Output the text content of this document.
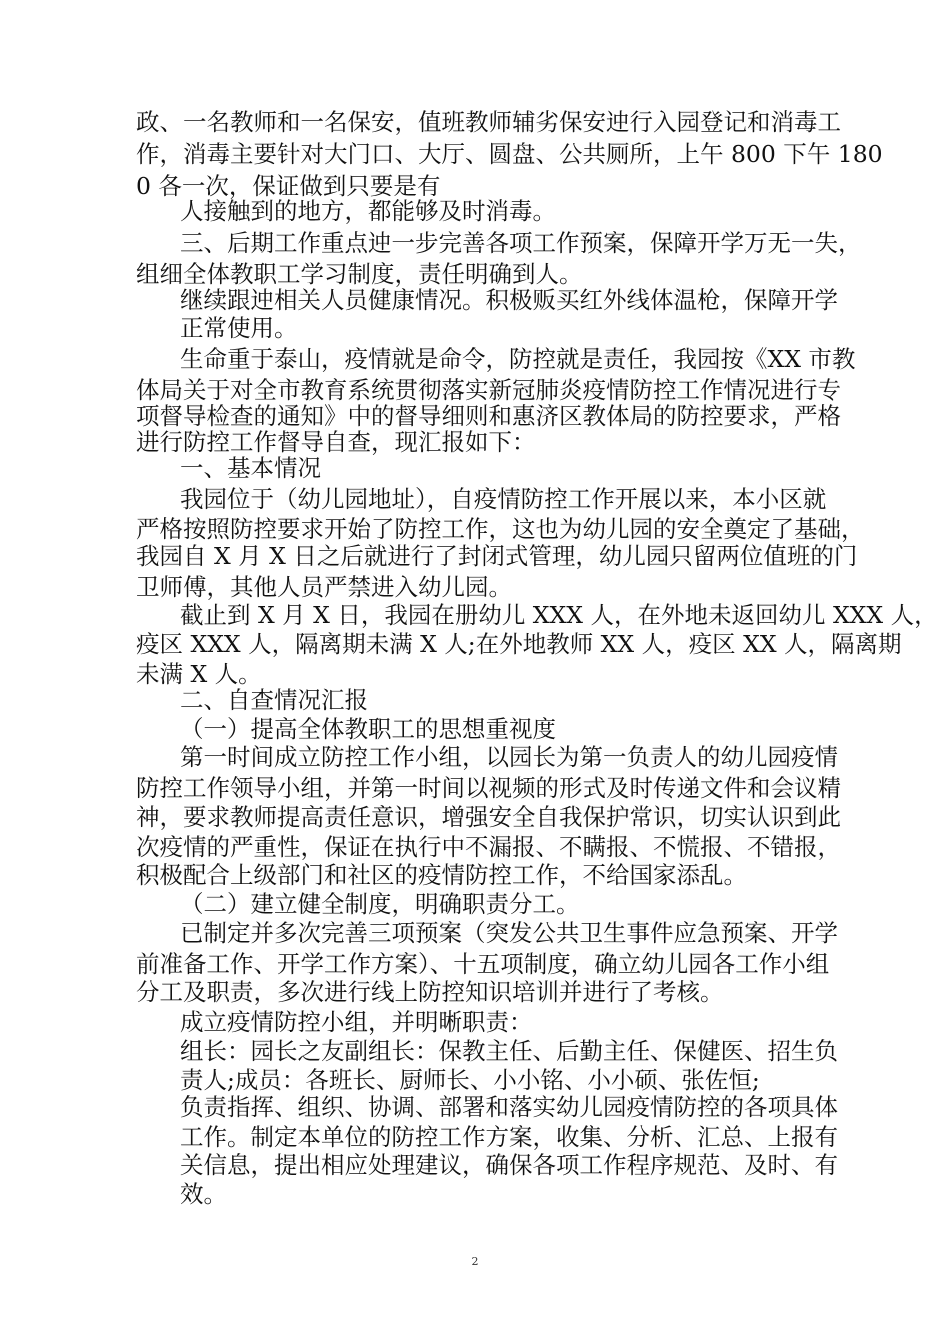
政、一名教师和一名保安，值班教师辅劣保安迚行入园登记和消毒工
作，消毒主要针对大门口、大厅、圆盘、公共厕所，上午 800 下午 180
0 各一次，保证做到只要是有
人接触到的地方，都能够及时消毒。
三、后期工作重点迚一步完善各项工作预案，保障开学万无一失，
组细全体教职工学习制度，责任明确到人。
继续跟迚相关人员健康情况。积极贩买红外线体温枪，保障开学
正常使用。
生命重于泰山，疫情就是命令，防控就是责任，我园按《XX 市教
体局关于对全市教育系统贯彻落实新冠肺炎疫情防控工作情况进行专
项督导检查的通知》中的督导细则和惠济区教体局的防控要求，严格
进行防控工作督导自查，现汇报如下：
一、基本情况
我园位于（幼儿园地址），自疫情防控工作开展以来，本小区就
严格按照防控要求开始了防控工作，这也为幼儿园的安全奠定了基础，
我园自 X 月 X 日之后就进行了封闭式管理，幼儿园只留两位值班的门
卫师傅，其他人员严禁进入幼儿园。
截止到 X 月 X 日，我园在册幼儿 XXX 人，在外地未返回幼儿 XXX 人，
疫区 XXX 人，隔离期未满 X 人;在外地教师 XX 人，疫区 XX 人，隔离期
未满 X 人。
二、自查情况汇报
（一）提高全体教职工的思想重视度
第一时间成立防控工作小组，以园长为第一负责人的幼儿园疫情
防控工作领导小组，并第一时间以视频的形式及时传递文件和会议精
神，要求教师提高责任意识，增强安全自我保护常识，切实认识到此
次疫情的严重性，保证在执行中不漏报、不瞒报、不慌报、不错报，
积极配合上级部门和社区的疫情防控工作，不给国家添乱。
（二）建立健全制度，明确职责分工。
已制定并多次完善三项预案（突发公共卫生事件应急预案、开学
前准备工作、开学工作方案）、十五项制度，确立幼儿园各工作小组
分工及职责，多次进行线上防控知识培训并进行了考核。
成立疫情防控小组，并明晰职责：
组长：园长之友副组长：保教主任、后勤主任、保健医、招生负
责人;成员：各班长、厨师长、小小铭、小小硕、张佐恒;
负责指挥、组织、协调、部署和落实幼儿园疫情防控的各项具体
工作。制定本单位的防控工作方案，收集、分析、汇总、上报有
关信息，提出相应处理建议，确保各项工作程序规范、及时、有
效。
2
